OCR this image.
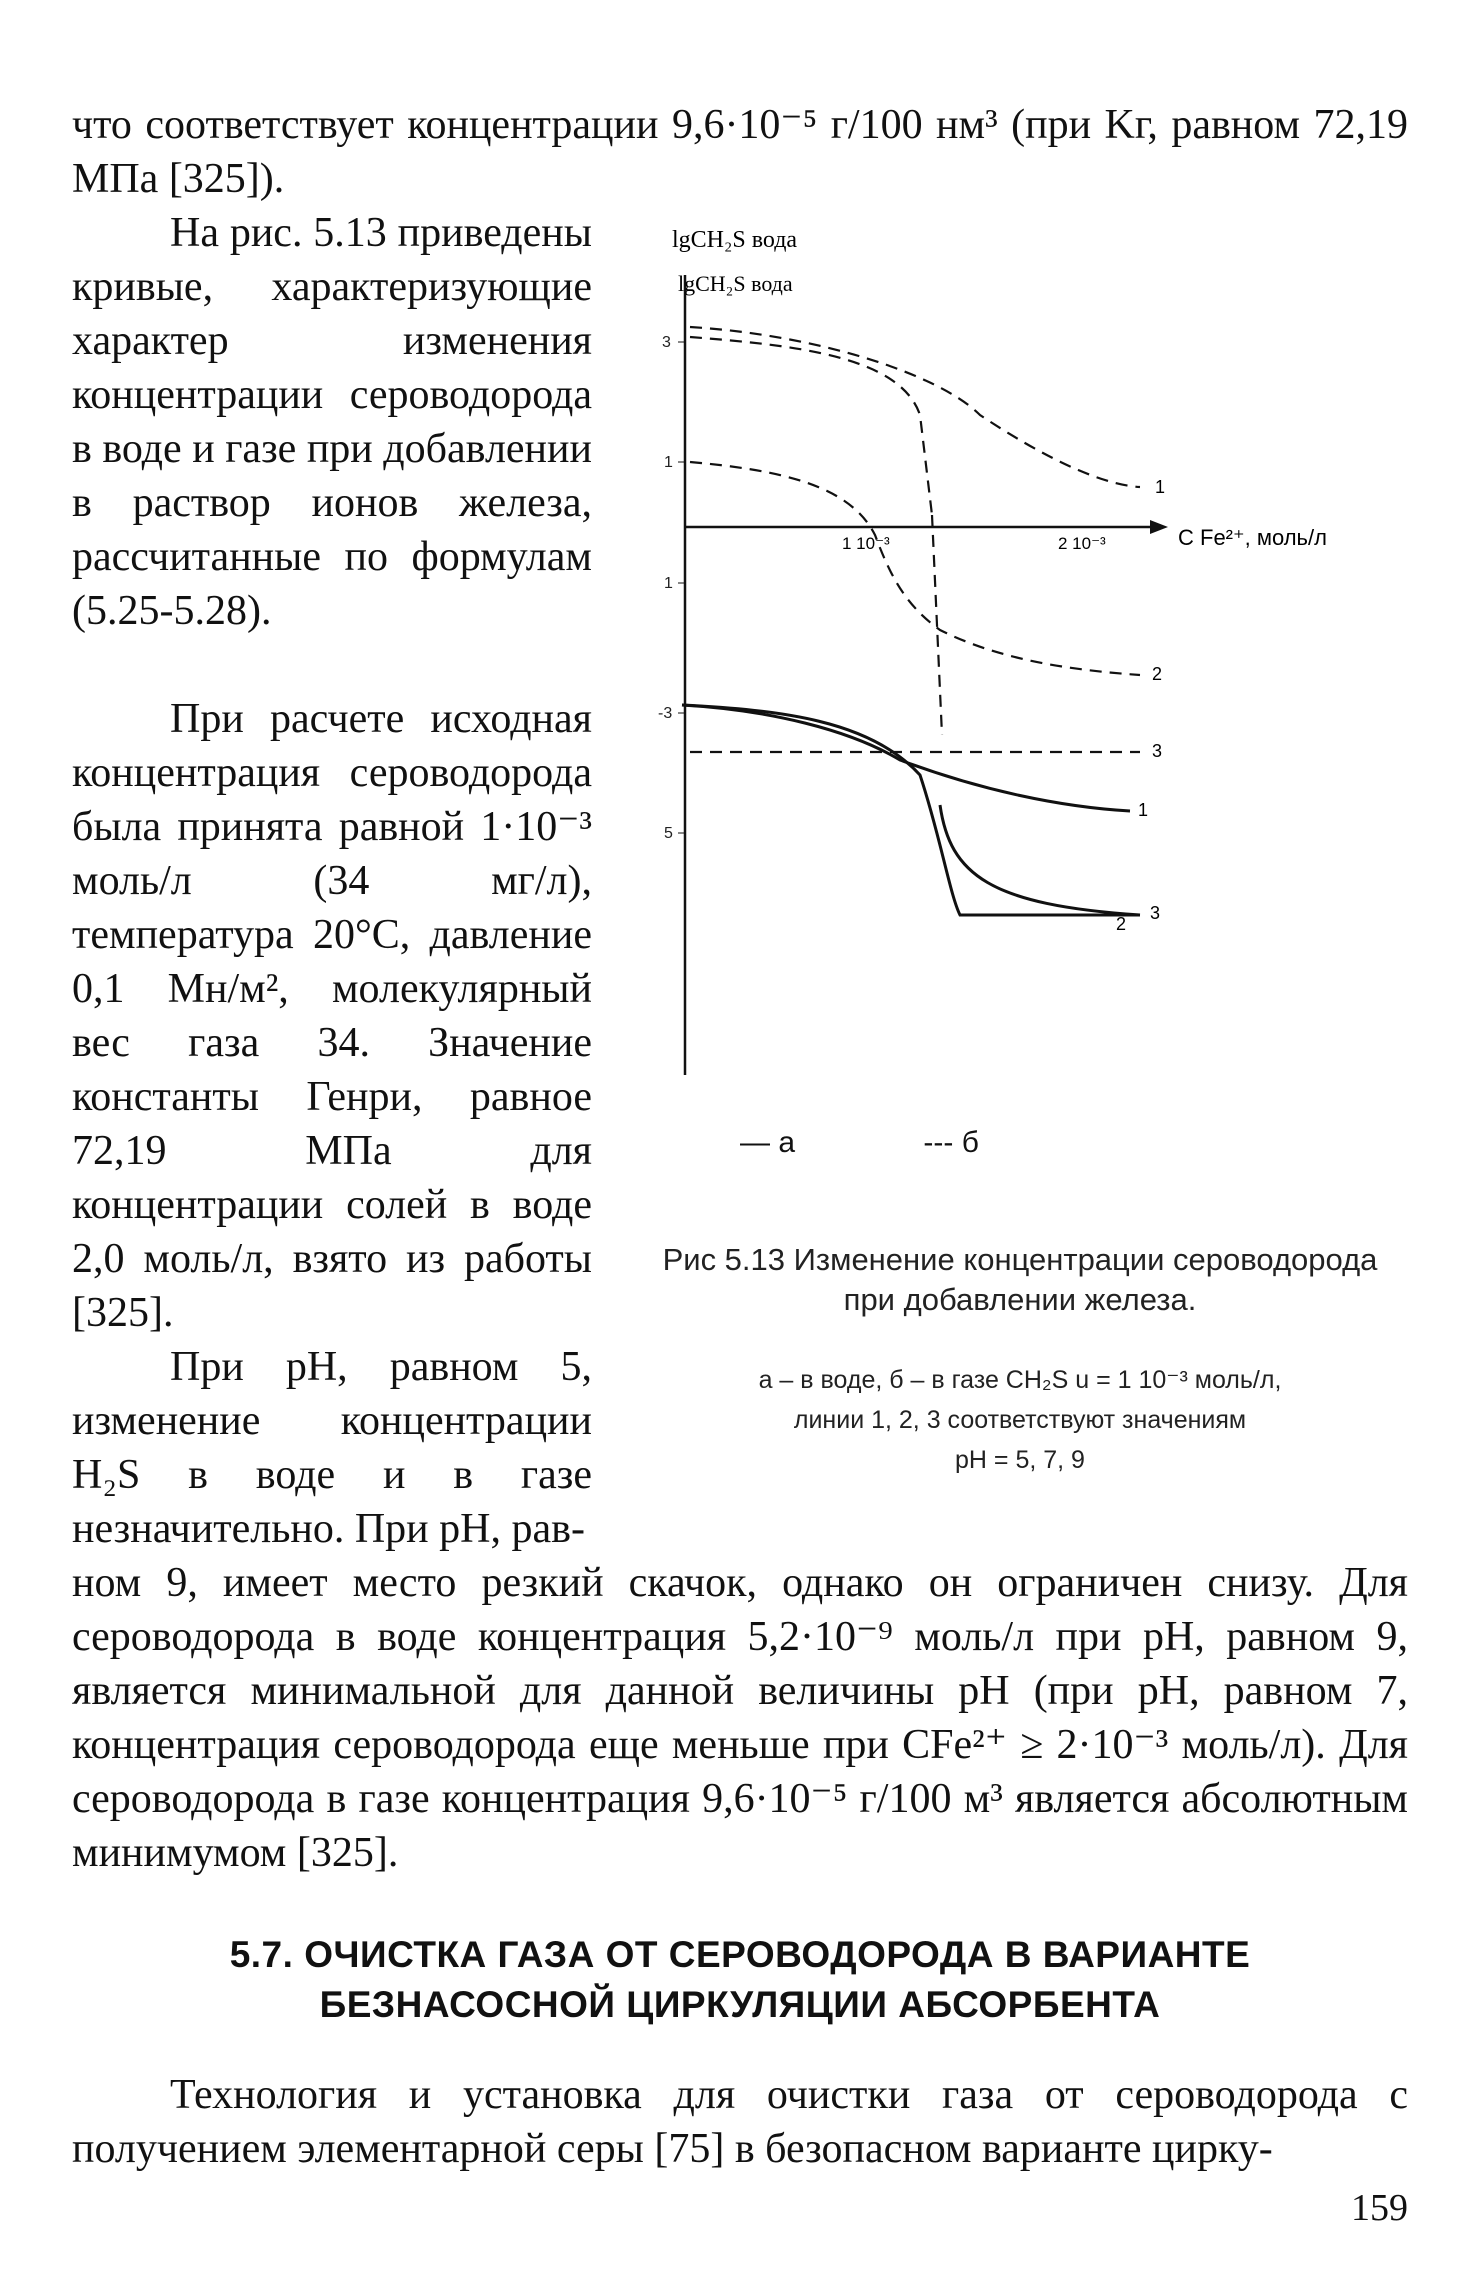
что соответствует концентрации 9,6·10⁻⁵ г/100 нм³ (при Kг, равном 72,19 МПа [325]).
На рис. 5.13 приведены кривые, характеризующие характер изменения концентрации сероводорода в воде и газе при добавлении в раствор ионов железа, рассчитанные по формулам (5.25-5.28).
При расчете исходная концентрация сероводорода была принята равной 1·10⁻³ моль/л (34 мг/л), температура 20°С, давление 0,1 Мн/м², молекулярный вес газа 34. Значение константы Генри, равное 72,19 МПа для концентрации солей в воде 2,0 моль/л, взято из работы [325].
При pH, равном 5, изменение концентрации H₂S в воде и в газе незначительно. При pH, рав-
ном 9, имеет место резкий скачок, однако он ограничен снизу. Для сероводорода в воде концентрация 5,2·10⁻⁹ моль/л при pH, равном 9, является минимальной для данной величины pH (при pH, равном 7, концентрация сероводорода еще меньше при CFe²⁺ ≥ 2·10⁻³ моль/л). Для сероводорода в газе концентрация 9,6·10⁻⁵ г/100 м³ является абсолютным минимумом [325].
5.7. ОЧИСТКА ГАЗА ОТ СЕРОВОДОРОДА В ВАРИАНТЕ
БЕЗНАСОСНОЙ ЦИРКУЛЯЦИИ АБСОРБЕНТА
Технология и установка для очистки газа от сероводорода с получением элементарной серы [75] в безопасном варианте цирку-
159
lgCH₂S вода
lgCH₂S вода
3
1
1
-3
5
1 10⁻³	2 10⁻³	C Fe²⁺, моль/л
1
2
3
1
2
3
— а	--- б
Рис 5.13 Изменение концентрации сероводорода при добавлении железа.
а – в воде, б – в газе CH₂S u = 1 10⁻³ моль/л,
линии 1, 2, 3 соответствуют значениям
pH = 5, 7, 9
